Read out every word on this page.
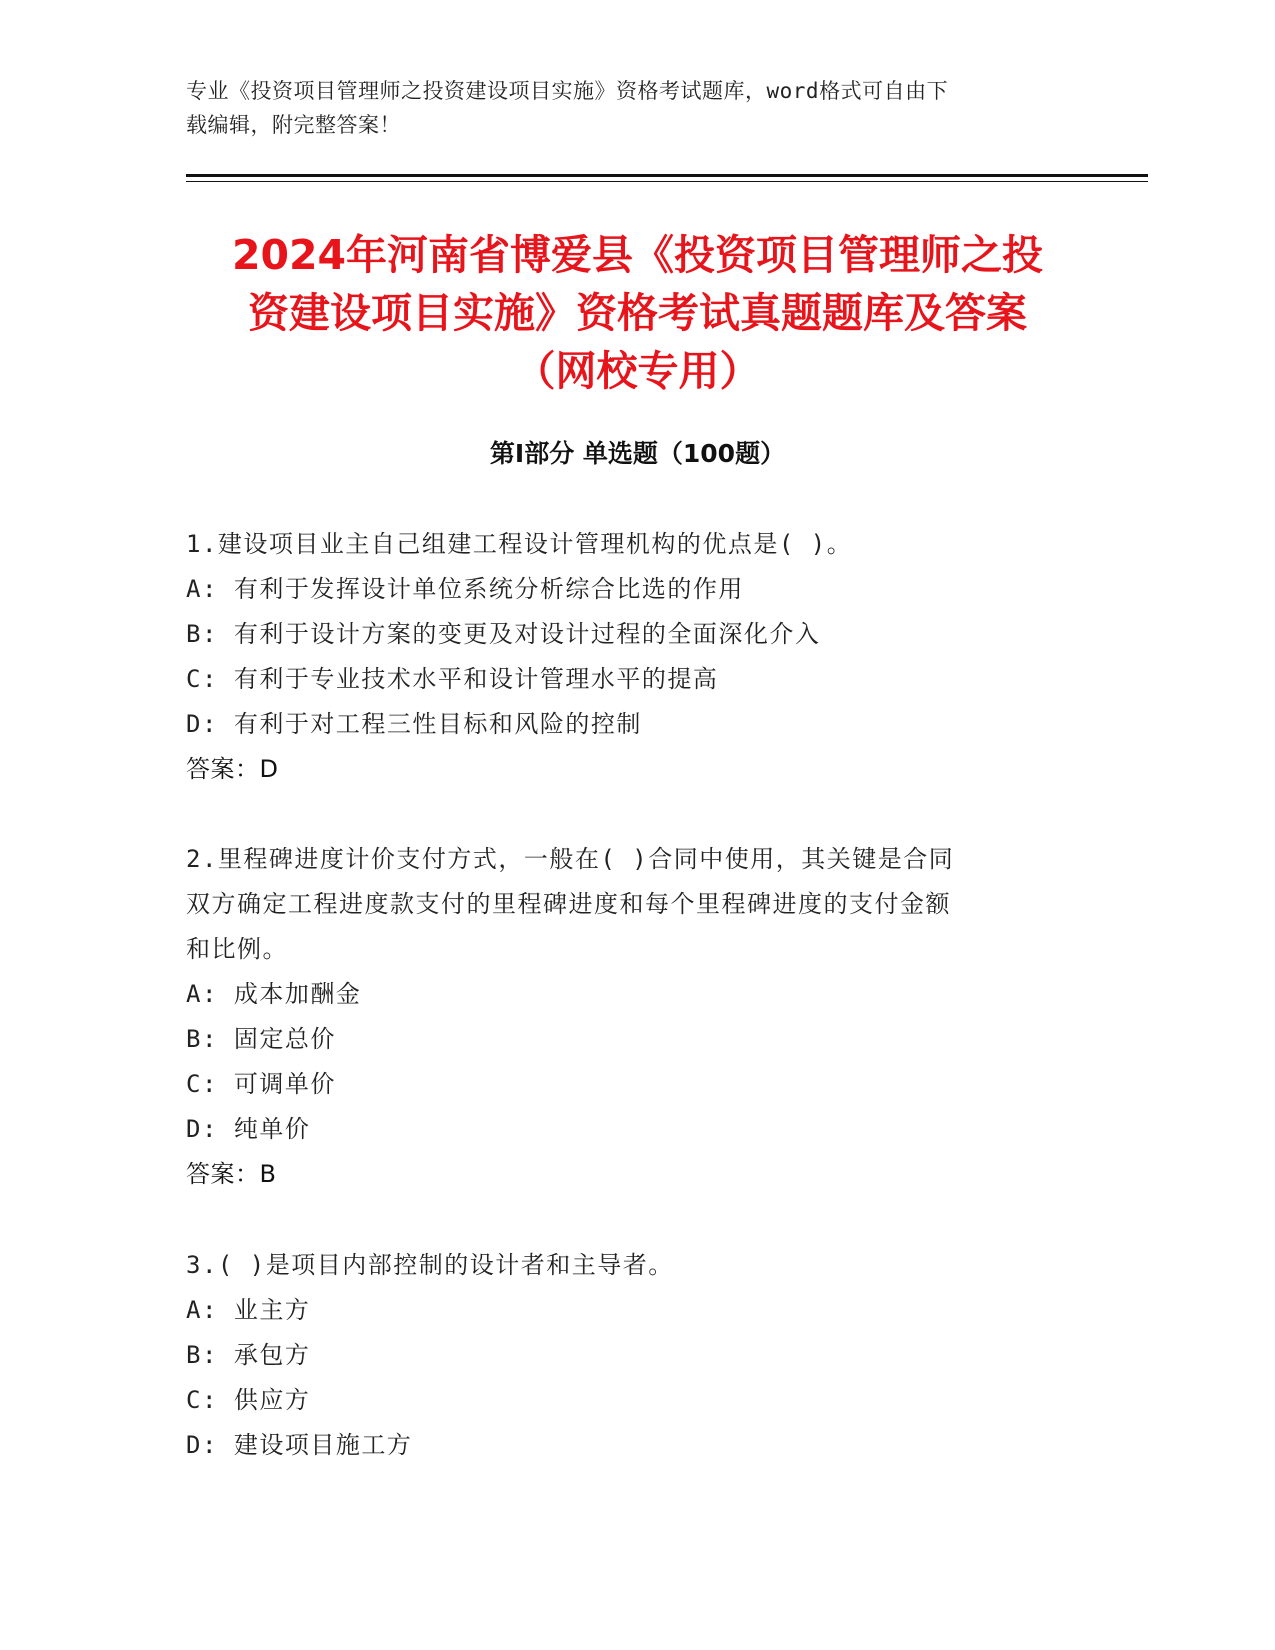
专业《投资项目管理师之投资建设项目实施》资格考试题库，word格式可自由下
载编辑，附完整答案！
2024年河南省博爱县《投资项目管理师之投
资建设项目实施》资格考试真题题库及答案
（网校专用）
第Ⅰ部分 单选题（100题）
1.建设项目业主自己组建工程设计管理机构的优点是( )。
A: 有利于发挥设计单位系统分析综合比选的作用
B: 有利于设计方案的变更及对设计过程的全面深化介入
C: 有利于专业技术水平和设计管理水平的提高
D: 有利于对工程三性目标和风险的控制
答案：D
2.里程碑进度计价支付方式，一般在( )合同中使用，其关键是合同
双方确定工程进度款支付的里程碑进度和每个里程碑进度的支付金额
和比例。
A: 成本加酬金
B: 固定总价
C: 可调单价
D: 纯单价
答案：B
3.( )是项目内部控制的设计者和主导者。
A: 业主方
B: 承包方
C: 供应方
D: 建设项目施工方
